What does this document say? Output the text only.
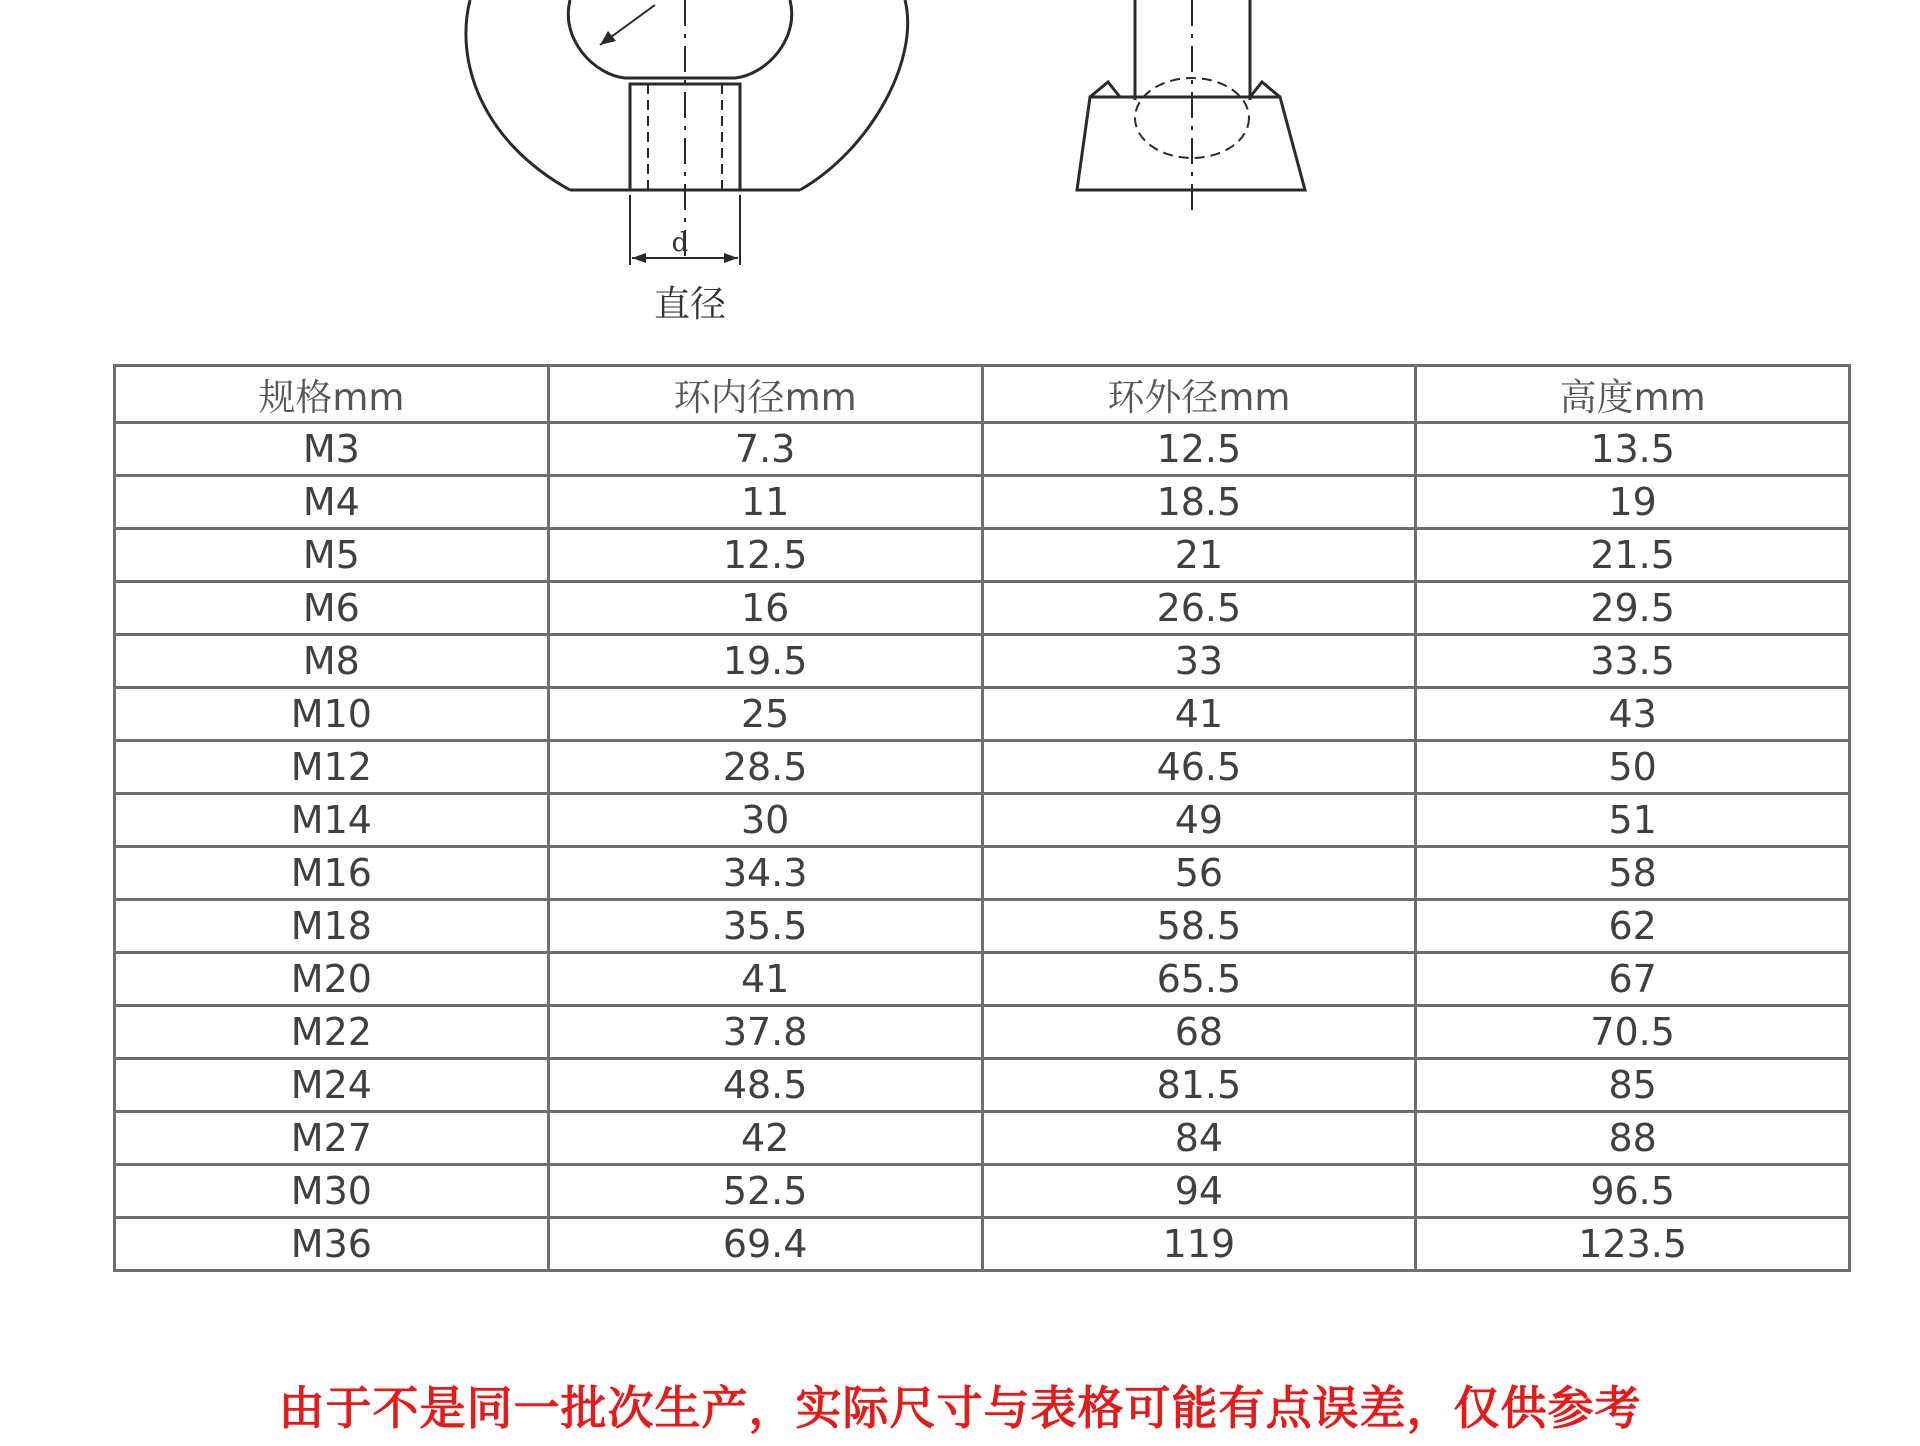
d
直径
规格mm	环内径mm	环外径mm	高度mm
M3	7.3	12.5	13.5
M4	11	18.5	19
M5	12.5	21	21.5
M6	16	26.5	29.5
M8	19.5	33	33.5
M10	25	41	43
M12	28.5	46.5	50
M14	30	49	51
M16	34.3	56	58
M18	35.5	58.5	62
M20	41	65.5	67
M22	37.8	68	70.5
M24	48.5	81.5	85
M27	42	84	88
M30	52.5	94	96.5
M36	69.4	119	123.5
由于不是同一批次生产，实际尺寸与表格可能有点误差，仅供参考
